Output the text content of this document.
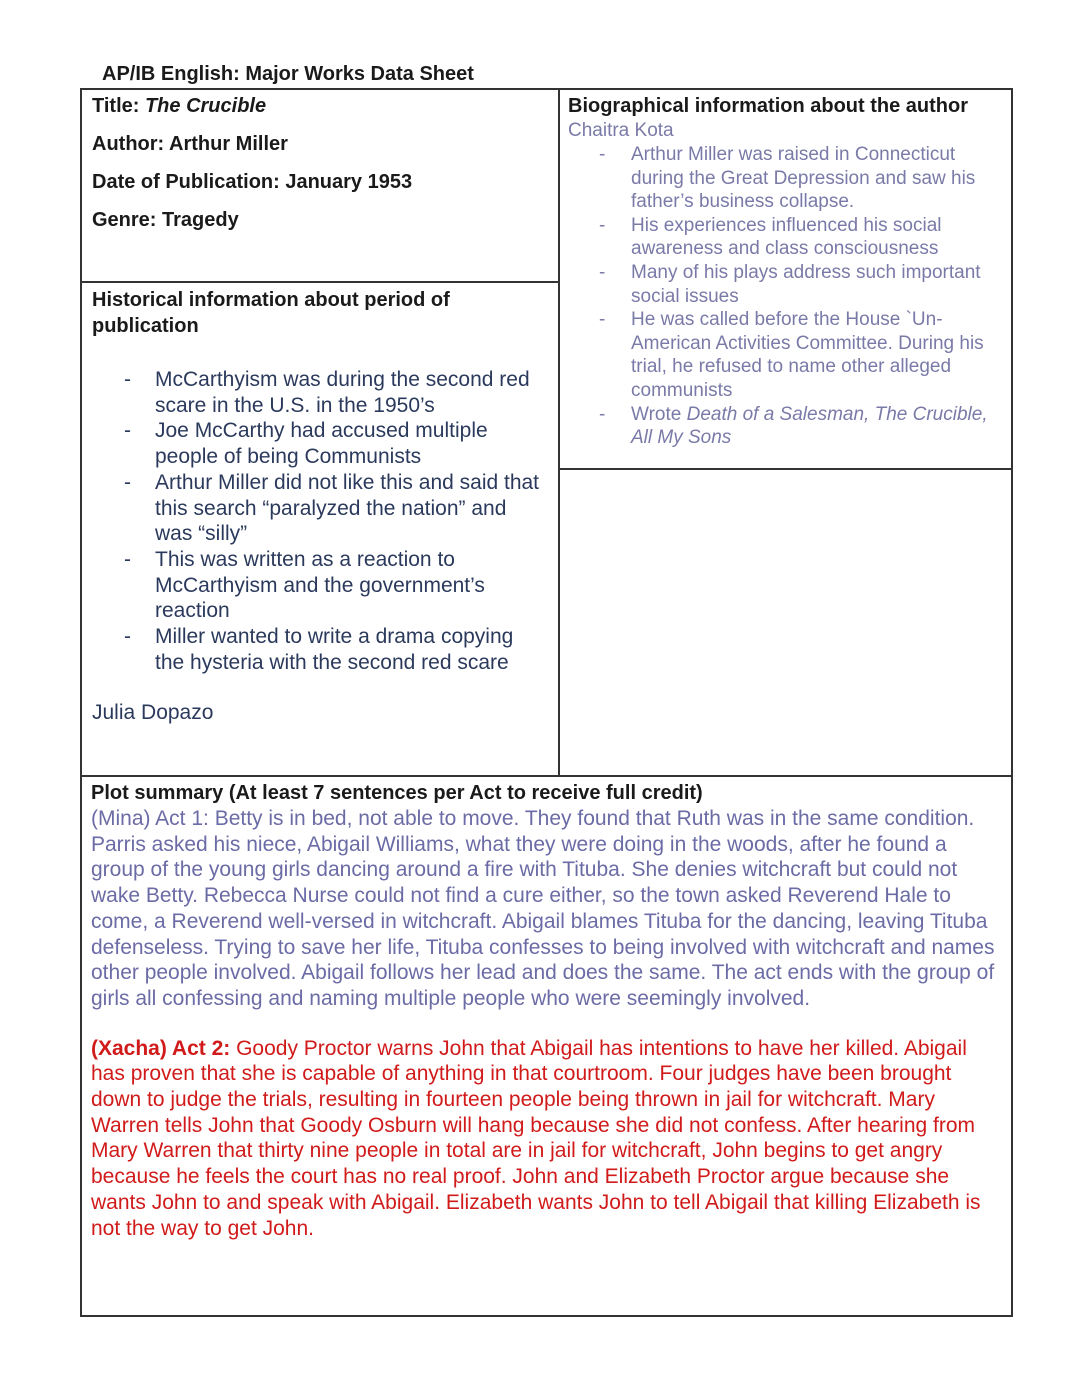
AP/IB English: Major Works Data Sheet

Title: The Crucible

Author: Arthur Miller

Date of Publication: January 1953

Genre: Tragedy

Historical information about period of publication

- McCarthyism was during the second red scare in the U.S. in the 1950’s
- Joe McCarthy had accused multiple people of being Communists
- Arthur Miller did not like this and said that this search “paralyzed the nation” and was “silly”
- This was written as a reaction to McCarthyism and the government’s reaction
- Miller wanted to write a drama copying the hysteria with the second red scare
Julia Dopazo

Biographical information about the author

Chaitra Kota
- Arthur Miller was raised in Connecticut during the Great Depression and saw his father’s business collapse.
- His experiences influenced his social awareness and class consciousness
- Many of his plays address such important social issues
- He was called before the House `Un-American Activities Committee. During his trial, he refused to name other alleged communists
- Wrote Death of a Salesman, The Crucible, All My Sons

Plot summary (At least 7 sentences per Act to receive full credit)

(Mina) Act 1: Betty is in bed, not able to move. They found that Ruth was in the same condition. Parris asked his niece, Abigail Williams, what they were doing in the woods, after he found a group of the young girls dancing around a fire with Tituba. She denies witchcraft but could not wake Betty. Rebecca Nurse could not find a cure either, so the town asked Reverend Hale to come, a Reverend well-versed in witchcraft. Abigail blames Tituba for the dancing, leaving Tituba defenseless. Trying to save her life, Tituba confesses to being involved with witchcraft and names other people involved. Abigail follows her lead and does the same. The act ends with the group of girls all confessing and naming multiple people who were seemingly involved.

(Xacha) Act 2: Goody Proctor warns John that Abigail has intentions to have her killed. Abigail has proven that she is capable of anything in that courtroom. Four judges have been brought down to judge the trials, resulting in fourteen people being thrown in jail for witchcraft. Mary Warren tells John that Goody Osburn will hang because she did not confess. After hearing from Mary Warren that thirty nine people in total are in jail for witchcraft, John begins to get angry because he feels the court has no real proof. John and Elizabeth Proctor argue because she wants John to and speak with Abigail. Elizabeth wants John to tell Abigail that killing Elizabeth is not the way to get John.
